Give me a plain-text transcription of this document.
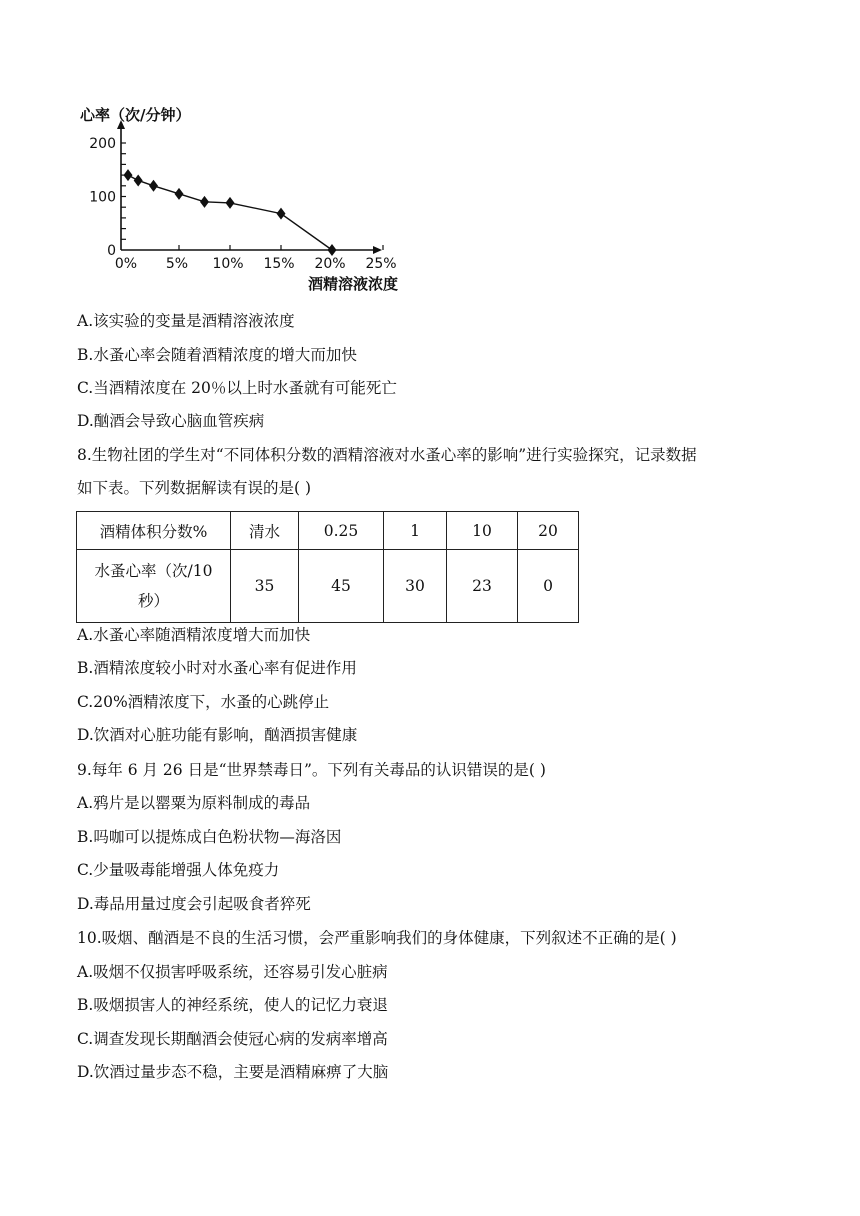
0
100
200
0% 5% 10% 15% 20% 25%
心率（次/分钟）
酒精溶液浓度
A.该实验的变量是酒精溶液浓度
B.水蚤心率会随着酒精浓度的增大而加快
C.当酒精浓度在 20％以上时水蚤就有可能死亡
D.酗酒会导致心脑血管疾病
8.生物社团的学生对“不同体积分数的酒精溶液对水蚤心率的影响”进行实验探究，记录数据
如下表。下列数据解读有误的是( )
酒精体积分数%	清水	0.25	1	10	20
水蚤心率（次/10
秒）	35	45	30	23	0
A.水蚤心率随酒精浓度增大而加快
B.酒精浓度较小时对水蚤心率有促进作用
C.20%酒精浓度下，水蚤的心跳停止
D.饮酒对心脏功能有影响，酗酒损害健康
9.每年 6 月 26 日是“世界禁毒日”。下列有关毒品的认识错误的是( )
A.鸦片是以罂粟为原料制成的毒品
B.吗咖可以提炼成白色粉状物—海洛因
C.少量吸毒能增强人体免疫力
D.毒品用量过度会引起吸食者猝死
10.吸烟、酗酒是不良的生活习惯，会严重影响我们的身体健康，下列叙述不正确的是( )
A.吸烟不仅损害呼吸系统，还容易引发心脏病
B.吸烟损害人的神经系统，使人的记忆力衰退
C.调查发现长期酗酒会使冠心病的发病率增高
D.饮酒过量步态不稳，主要是酒精麻痹了大脑
